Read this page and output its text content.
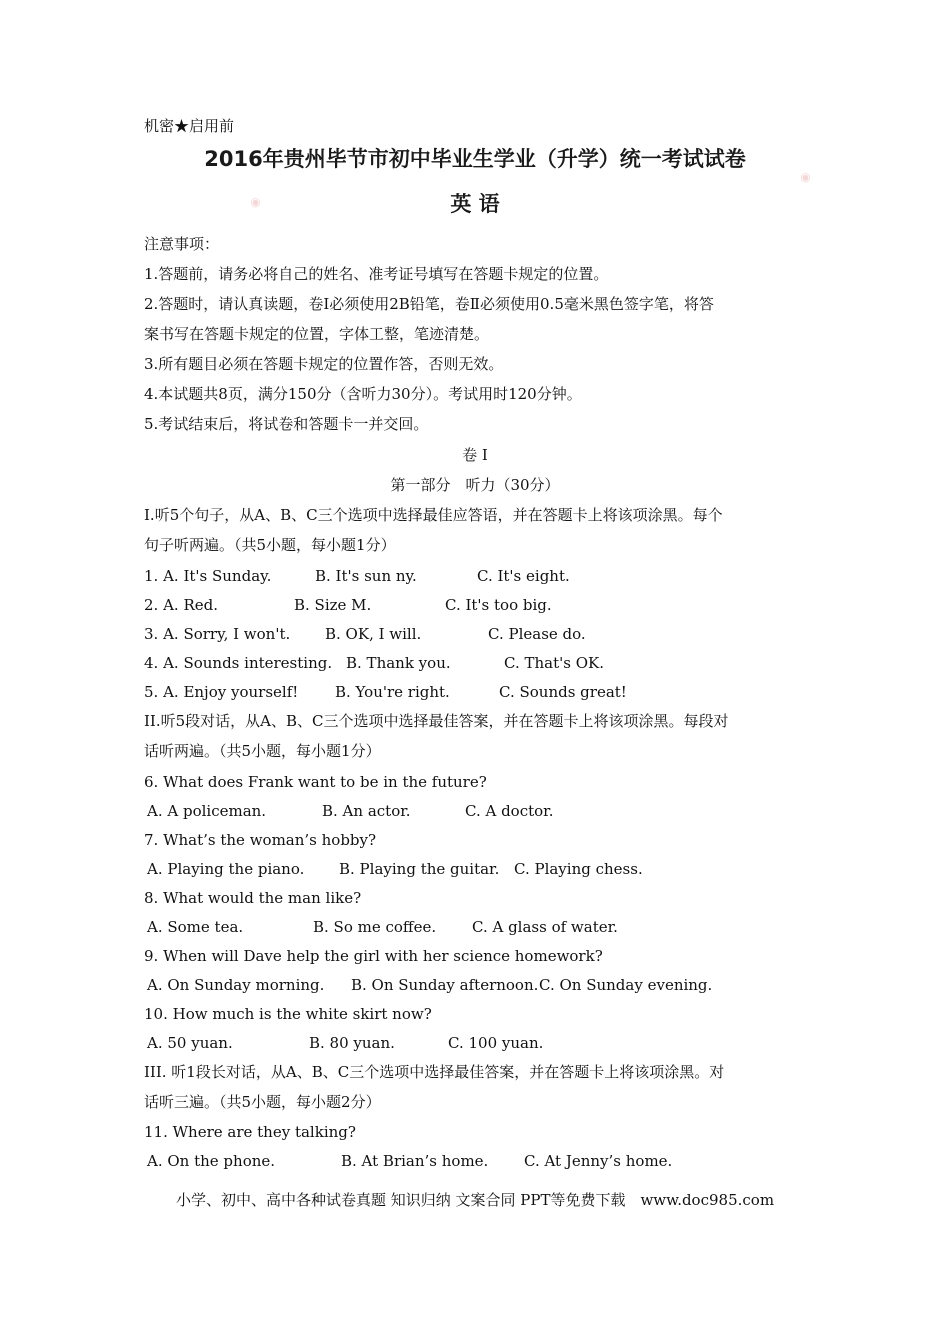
机密★启用前
2016年贵州毕节市初中毕业生学业（升学）统一考试试卷
◉
◉
英 语
注意事项：
1.答题前，请务必将自己的姓名、准考证号填写在答题卡规定的位置。
2.答题时，请认真读题，卷Ⅰ必须使用2B铅笔，卷Ⅱ必须使用0.5毫米黑色签字笔，将答
案书写在答题卡规定的位置，字体工整，笔迹清楚。
3.所有题目必须在答题卡规定的位置作答，否则无效。
4.本试题共8页，满分150分（含听力30分）。考试用时120分钟。
5.考试结束后，将试卷和答题卡一并交回。
卷 Ⅰ
第一部分　听力（30分）
I.听5个句子，从A、B、C三个选项中选择最佳应答语，并在答题卡上将该项涂黑。每个
句子听两遍。（共5小题，每小题1分）
1. A. It's Sunday.	B. It's sun ny.	C. It's eight.
2. A. Red.	B. Size M.	C. It's too big.
3. A. Sorry, I won't. B. OK, I will.	C. Please do.
4. A. Sounds interesting. B. Thank you.	C. That's OK.
5. A. Enjoy yourself! B. You're right.	C. Sounds great!
II.听5段对话，从A、B、C三个选项中选择最佳答案，并在答题卡上将该项涂黑。每段对
话听两遍。（共5小题，每小题1分）
6. What does Frank want to be in the future?
A. A policeman.	B. An actor.	C. A doctor.
7. What’s the woman’s hobby?
A. Playing the piano. B. Playing the guitar. C. Playing chess.
8. What would the man like?
A. Some tea.	B. So me coffee. C. A glass of water.
9. When will Dave help the girl with her science homework?
A. On Sunday morning. B. On Sunday afternoon. C. On Sunday evening.
10. How much is the white skirt now?
A. 50 yuan.	B. 80 yuan.	C. 100 yuan.
III. 听1段长对话，从A、B、C三个选项中选择最佳答案，并在答题卡上将该项涂黑。对
话听三遍。（共5小题，每小题2分）
11. Where are they talking?
A. On the phone.	B. At Brian’s home. C. At Jenny’s home.
小学、初中、高中各种试卷真题 知识归纳 文案合同 PPT等免费下载　www.doc985.com
